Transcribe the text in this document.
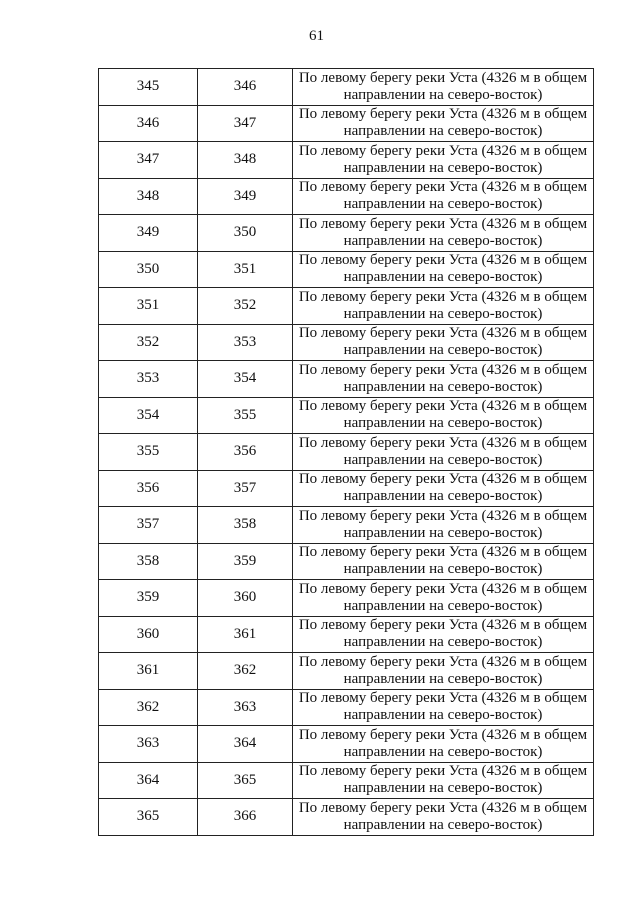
61
345	346	По левому берегу реки Уста (4326 м в общем
направлении на северо-восток)

346	347	По левому берегу реки Уста (4326 м в общем
направлении на северо-восток)

347	348	По левому берегу реки Уста (4326 м в общем
направлении на северо-восток)

348	349	По левому берегу реки Уста (4326 м в общем
направлении на северо-восток)

349	350	По левому берегу реки Уста (4326 м в общем
направлении на северо-восток)

350	351	По левому берегу реки Уста (4326 м в общем
направлении на северо-восток)

351	352	По левому берегу реки Уста (4326 м в общем
направлении на северо-восток)

352	353	По левому берегу реки Уста (4326 м в общем
направлении на северо-восток)

353	354	По левому берегу реки Уста (4326 м в общем
направлении на северо-восток)

354	355	По левому берегу реки Уста (4326 м в общем
направлении на северо-восток)

355	356	По левому берегу реки Уста (4326 м в общем
направлении на северо-восток)

356	357	По левому берегу реки Уста (4326 м в общем
направлении на северо-восток)

357	358	По левому берегу реки Уста (4326 м в общем
направлении на северо-восток)

358	359	По левому берегу реки Уста (4326 м в общем
направлении на северо-восток)

359	360	По левому берегу реки Уста (4326 м в общем
направлении на северо-восток)

360	361	По левому берегу реки Уста (4326 м в общем
направлении на северо-восток)

361	362	По левому берегу реки Уста (4326 м в общем
направлении на северо-восток)

362	363	По левому берегу реки Уста (4326 м в общем
направлении на северо-восток)

363	364	По левому берегу реки Уста (4326 м в общем
направлении на северо-восток)

364	365	По левому берегу реки Уста (4326 м в общем
направлении на северо-восток)

365	366	По левому берегу реки Уста (4326 м в общем
направлении на северо-восток)
